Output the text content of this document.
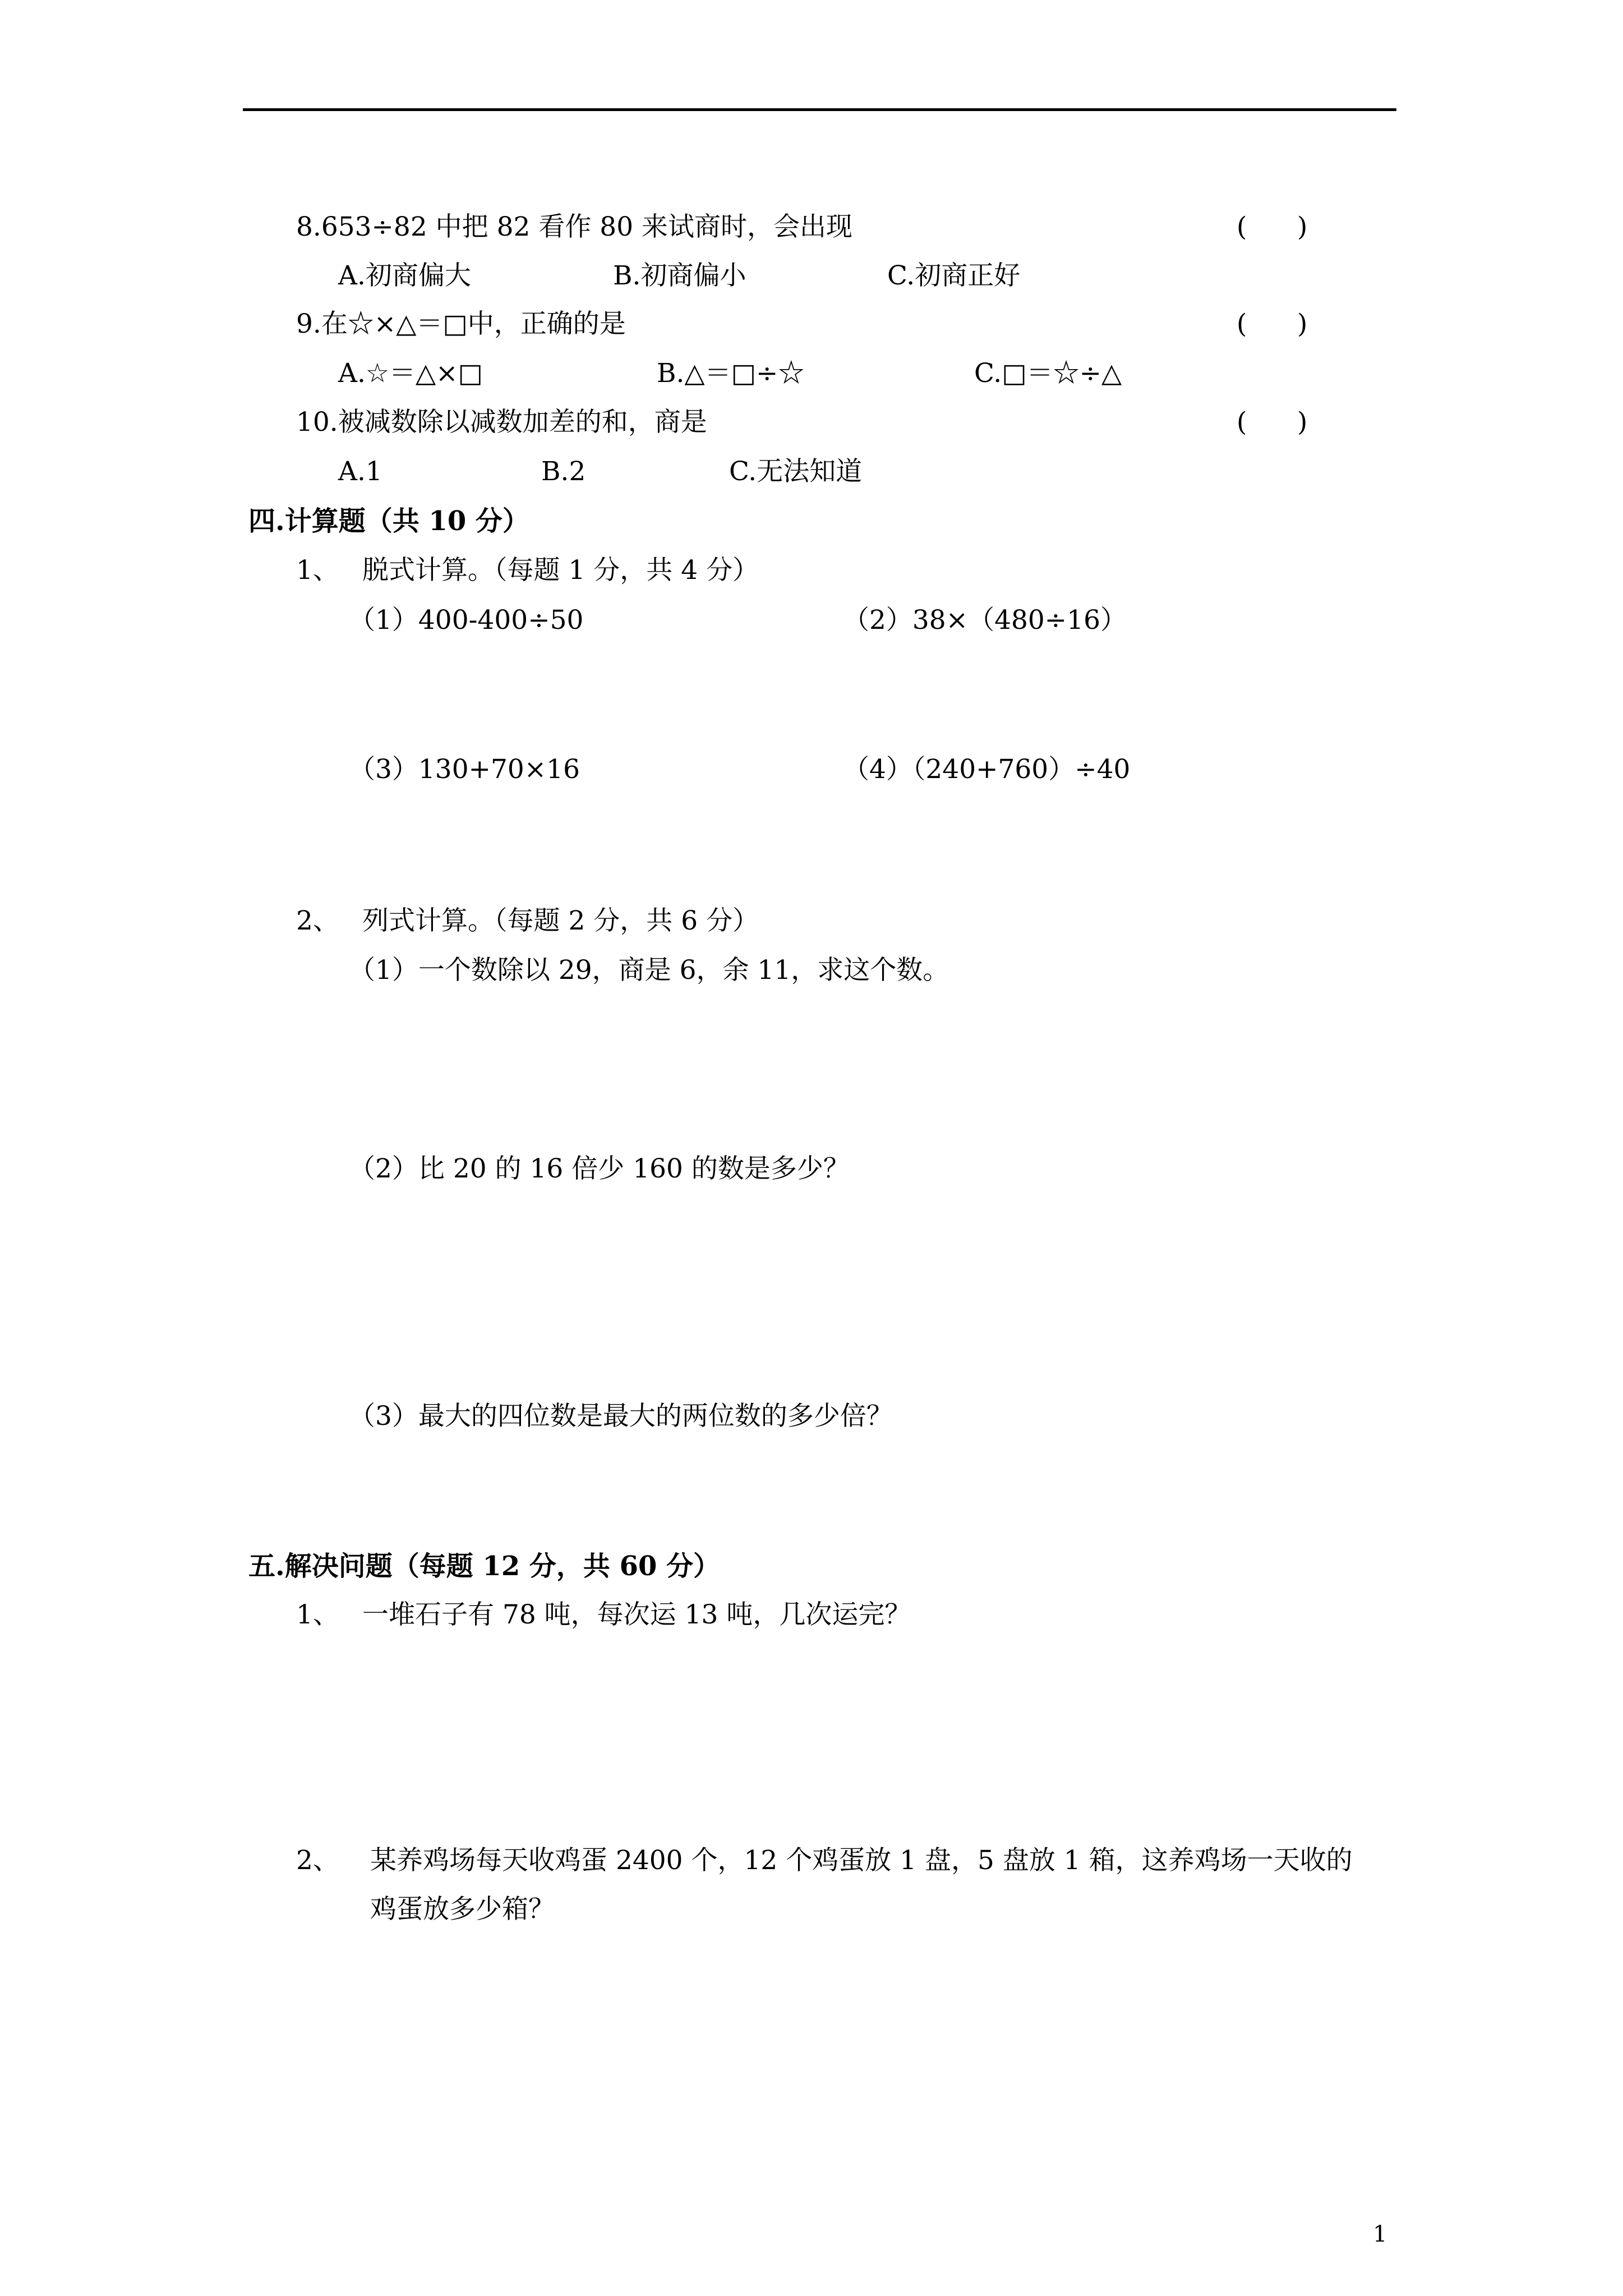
8.653÷82 中把 82 看作 80 来试商时，会出现	(      )
A.初商偏大	B.初商偏小	C.初商正好
9.在☆×△＝□中，正确的是	(      )
A.☆＝△×□	B.△＝□÷☆	C.□＝☆÷△
10.被减数除以减数加差的和，商是	(      )
A.1	B.2	C.无法知道
四.计算题（共 10 分）
1、 脱式计算。（每题 1 分，共 4 分）
（1）400-400÷50	（2）38×（480÷16）
（3）130+70×16	（4）（240+760）÷40
2、 列式计算。（每题 2 分，共 6 分）
（1）一个数除以 29，商是 6，余 11，求这个数。
（2）比 20 的 16 倍少 160 的数是多少？
（3）最大的四位数是最大的两位数的多少倍？
五.解决问题（每题 12 分，共 60 分）
1、 一堆石子有 78 吨，每次运 13 吨，几次运完？
2、 某养鸡场每天收鸡蛋 2400 个，12 个鸡蛋放 1 盘，5 盘放 1 箱，这养鸡场一天收的
鸡蛋放多少箱？
1
